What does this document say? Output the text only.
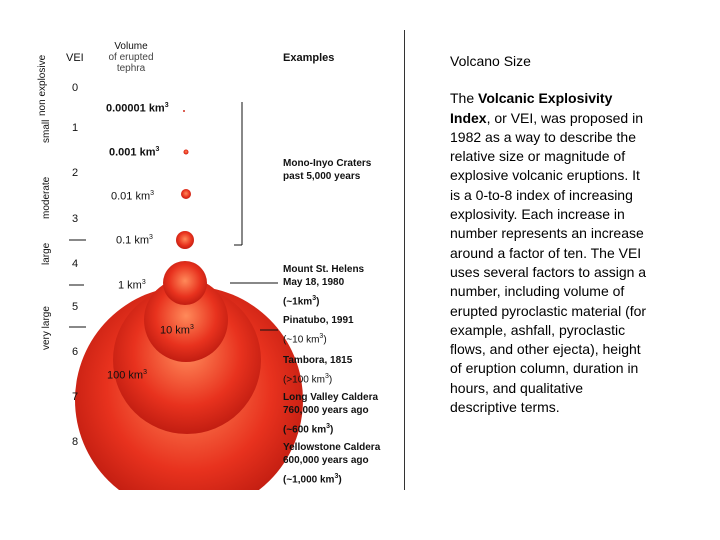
non explosive
small
moderate
large
very large
VEI
Volume
of erupted
tephra
Examples
0
1
2
3
4
5
6
7
8
0.00001 $km^3$
0.001 $km^3$
0.01 $km^3$
0.1 $km^3$
1 $km^3$
10 $km^3$
100 $km^3$
Mono-Inyo Craters
past 5,000 years
Mount St. Helens
May 18, 1980
$(\sim 1km^3)$
Pinatubo, 1991
(~10 $km^3$)
Tambora, 1815
(>100 $km^3$)
Long Valley Caldera
760,000 years ago
(~600 $km^3$)
Yellowstone Caldera
600,000 years ago
(~1,000 $km^3$)
Volcano Size
The Volcanic Explosivity Index, or VEI, was proposed in 1982 as a way to describe the relative size or magnitude of explosive volcanic eruptions. It is a 0-to-8 index of increasing explosivity. Each increase in number represents an increase around a factor of ten. The VEI uses several factors to assign a number, including volume of erupted pyroclastic material (for example, ashfall, pyroclastic flows, and other ejecta), height of eruption column, duration in hours, and qualitative descriptive terms.
